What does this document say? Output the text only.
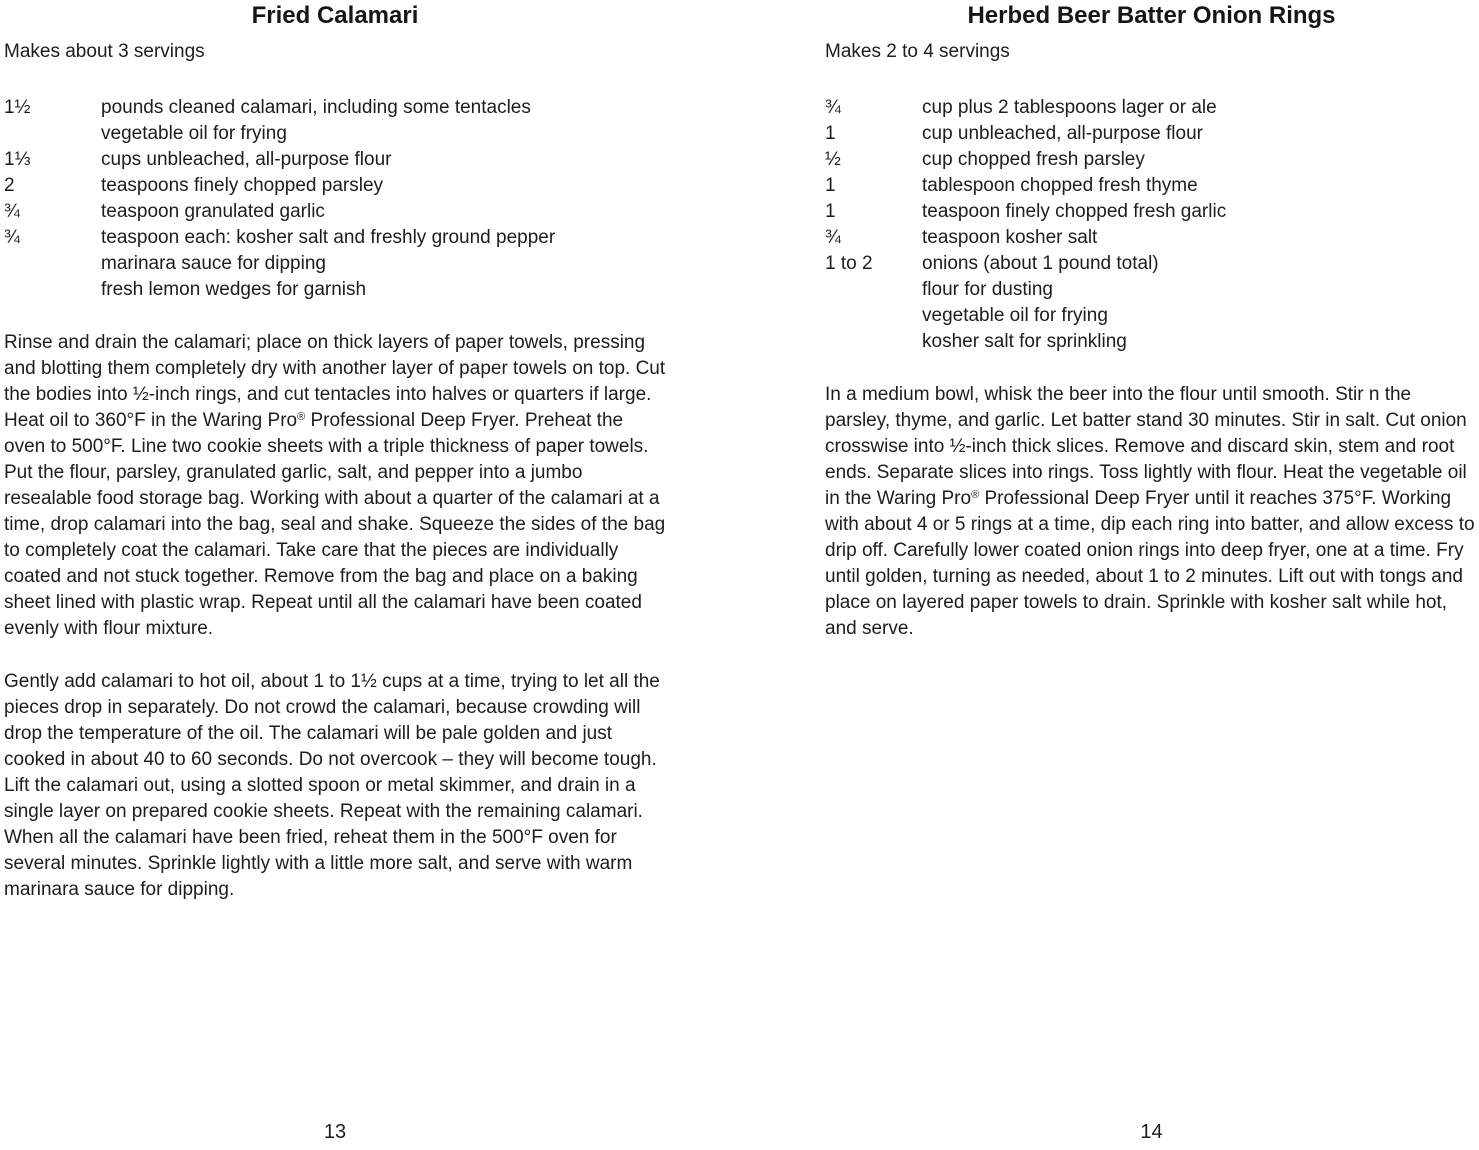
Fried Calamari

Makes about 3 servings

1½	pounds cleaned calamari, including some tentacles
vegetable oil for frying
1⅓	cups unbleached, all-purpose flour
2	teaspoons finely chopped parsley
¾	teaspoon granulated garlic
¾	teaspoon each: kosher salt and freshly ground pepper
marinara sauce for dipping
fresh lemon wedges for garnish

Rinse and drain the calamari; place on thick layers of paper towels, pressing and blotting them completely dry with another layer of paper towels on top. Cut the bodies into ½-inch rings, and cut tentacles into halves or quarters if large. Heat oil to 360°F in the Waring Pro® Professional Deep Fryer. Preheat the oven to 500°F. Line two cookie sheets with a triple thickness of paper towels. Put the flour, parsley, granulated garlic, salt, and pepper into a jumbo resealable food storage bag. Working with about a quarter of the calamari at a time, drop calamari into the bag, seal and shake. Squeeze the sides of the bag to completely coat the calamari. Take care that the pieces are individually coated and not stuck together. Remove from the bag and place on a baking sheet lined with plastic wrap. Repeat until all the calamari have been coated evenly with flour mixture.

Gently add calamari to hot oil, about 1 to 1½ cups at a time, trying to let all the pieces drop in separately. Do not crowd the calamari, because crowding will drop the temperature of the oil. The calamari will be pale golden and just cooked in about 40 to 60 seconds. Do not overcook – they will become tough. Lift the calamari out, using a slotted spoon or metal skimmer, and drain in a single layer on prepared cookie sheets. Repeat with the remaining calamari. When all the calamari have been fried, reheat them in the 500°F oven for several minutes. Sprinkle lightly with a little more salt, and serve with warm marinara sauce for dipping.

13
Herbed Beer Batter Onion Rings

Makes 2 to 4 servings

¾	cup plus 2 tablespoons lager or ale
1	cup unbleached, all-purpose flour
½	cup chopped fresh parsley
1	tablespoon chopped fresh thyme
1	teaspoon finely chopped fresh garlic
¾	teaspoon kosher salt
1 to 2	onions (about 1 pound total)
flour for dusting
vegetable oil for frying
kosher salt for sprinkling

In a medium bowl, whisk the beer into the flour until smooth. Stir n the parsley, thyme, and garlic. Let batter stand 30 minutes. Stir in salt. Cut onion crosswise into ½-inch thick slices. Remove and discard skin, stem and root ends. Separate slices into rings. Toss lightly with flour. Heat the vegetable oil in the Waring Pro® Professional Deep Fryer until it reaches 375°F. Working with about 4 or 5 rings at a time, dip each ring into batter, and allow excess to drip off. Carefully lower coated onion rings into deep fryer, one at a time. Fry until golden, turning as needed, about 1 to 2 minutes. Lift out with tongs and place on layered paper towels to drain. Sprinkle with kosher salt while hot, and serve.

14
